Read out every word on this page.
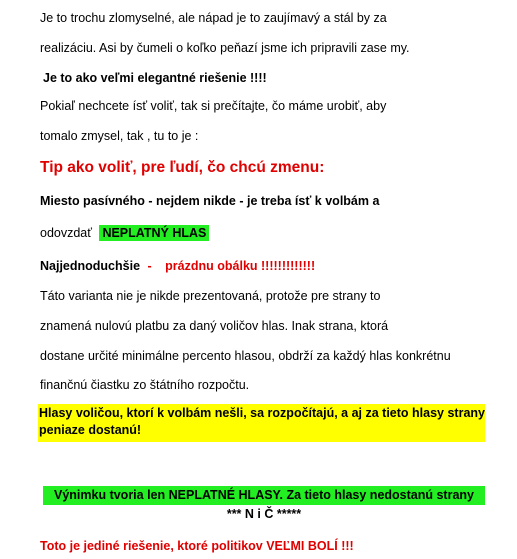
Je to trochu zlomyselné, ale nápad je to zaujímavý a stál by za
realizáciu. Asi by čumeli o koľko peňazí jsme ich pripravili zase my.
Je to ako veľmi elegantné riešenie !!!!
Pokiaľ nechcete ísť voliť, tak si prečítajte, čo máme urobiť, aby
tomalo zmysel, tak , tu to je :
Tip ako voliť, pre ľudí, čo chcú zmenu:
Miesto pasívného - nejdem nikde - je treba ísť k volbám a
odovzdať NEPLATNÝ HLAS
Najjednoduchšie - prázdnu obálku !!!!!!!!!!!!!
Táto varianta nie je nikde prezentovaná, protože pre strany to
znamená nulovú platbu za daný voličov hlas. Inak strana, ktorá
dostane určité minimálne percento hlasou, obdrží za každý hlas konkrétnu
finančnú čiastku zo štátního rozpočtu.
Hlasy voličou, ktorí k volbám nešli, sa rozpočítajú, a aj za tieto hlasy strany
peniaze dostanú!
Výnimku tvoria len NEPLATNÉ HLASY. Za tieto hlasy nedostanú strany
*** N i Č *****
Toto je jediné riešenie, ktoré politikov VEĽMI BOLÍ !!!
